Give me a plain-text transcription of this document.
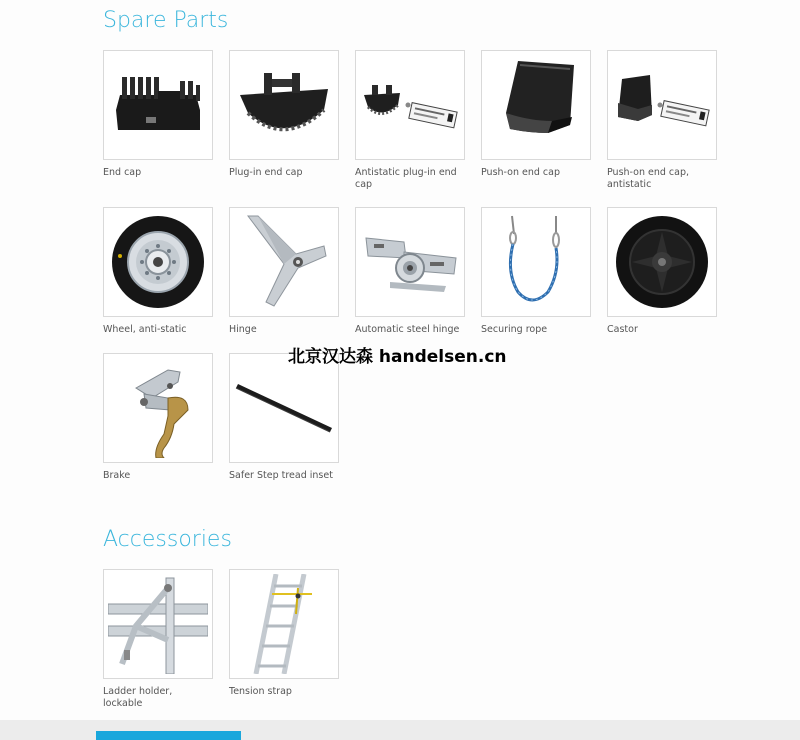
Spare Parts
End cap	Plug-in end cap	Antistatic plug-in end cap
Push-on end cap	Push-on end cap, antistatic
Wheel, anti-static	Hinge	Automatic steel hinge	Securing rope	Castor
Brake	Safer Step tread inset
北京汉达森 handelsen.cn
Accessories
Ladder holder, lockable
Tension strap
